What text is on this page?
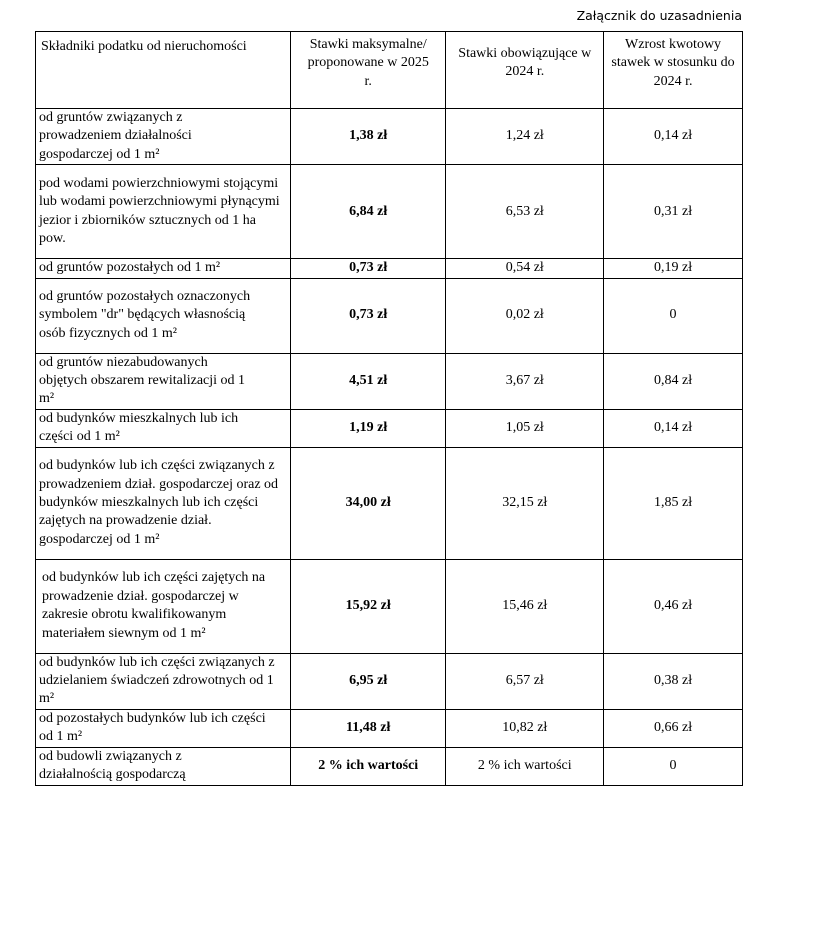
Załącznik do uzasadnienia
Składniki podatku od nieruchomości	Stawki maksymalne/ proponowane w 2025 r.	Stawki obowiązujące w 2024 r.	Wzrost kwotowy stawek w stosunku do 2024 r.
od gruntów związanych z prowadzeniem działalności gospodarczej od 1 m²	1,38 zł	1,24 zł	0,14 zł
pod wodami powierzchniowymi stojącymi lub wodami powierzchniowymi płynącymi jezior i zbiorników sztucznych od 1 ha pow.	6,84 zł	6,53 zł	0,31 zł
od gruntów pozostałych od 1 m²	0,73 zł	0,54 zł	0,19 zł
od gruntów pozostałych oznaczonych symbolem "dr" będących własnością osób fizycznych od 1 m²	0,73 zł	0,02 zł	0
od gruntów niezabudowanych objętych obszarem rewitalizacji od 1 m²	4,51 zł	3,67 zł	0,84 zł
od budynków mieszkalnych lub ich części od 1 m²	1,19 zł	1,05 zł	0,14 zł
od budynków lub ich części związanych z prowadzeniem dział. gospodarczej oraz od budynków mieszkalnych lub ich części zajętych na prowadzenie dział. gospodarczej od 1 m²	34,00 zł	32,15 zł	1,85 zł
od budynków lub ich części zajętych na prowadzenie dział. gospodarczej w zakresie obrotu kwalifikowanym materiałem siewnym od 1 m²	15,92 zł	15,46 zł	0,46 zł
od budynków lub ich części związanych z udzielaniem świadczeń zdrowotnych od 1 m²	6,95 zł	6,57 zł	0,38 zł
od pozostałych budynków lub ich części od 1 m²	11,48 zł	10,82 zł	0,66 zł
od budowli związanych z działalnością gospodarczą	2 % ich wartości	2 % ich wartości	0
